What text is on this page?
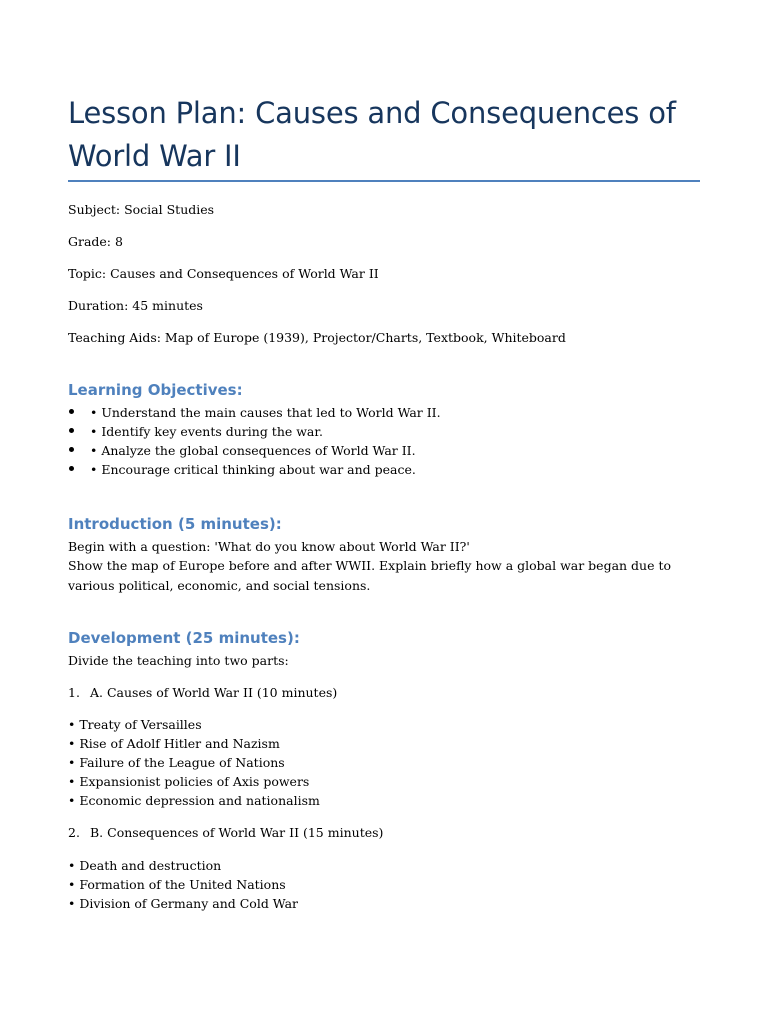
Lesson Plan: Causes and Consequences of World War II
Subject: Social Studies
Grade: 8
Topic: Causes and Consequences of World War II
Duration: 45 minutes
Teaching Aids: Map of Europe (1939), Projector/Charts, Textbook, Whiteboard
Learning Objectives:
• Understand the main causes that led to World War II.
• Identify key events during the war.
• Analyze the global consequences of World War II.
• Encourage critical thinking about war and peace.
Introduction (5 minutes):
Begin with a question: 'What do you know about World War II?'
Show the map of Europe before and after WWII. Explain briefly how a global war began due to various political, economic, and social tensions.
Development (25 minutes):
Divide the teaching into two parts:
1. A. Causes of World War II (10 minutes)
• Treaty of Versailles
• Rise of Adolf Hitler and Nazism
• Failure of the League of Nations
• Expansionist policies of Axis powers
• Economic depression and nationalism
2. B. Consequences of World War II (15 minutes)
• Death and destruction
• Formation of the United Nations
• Division of Germany and Cold War
